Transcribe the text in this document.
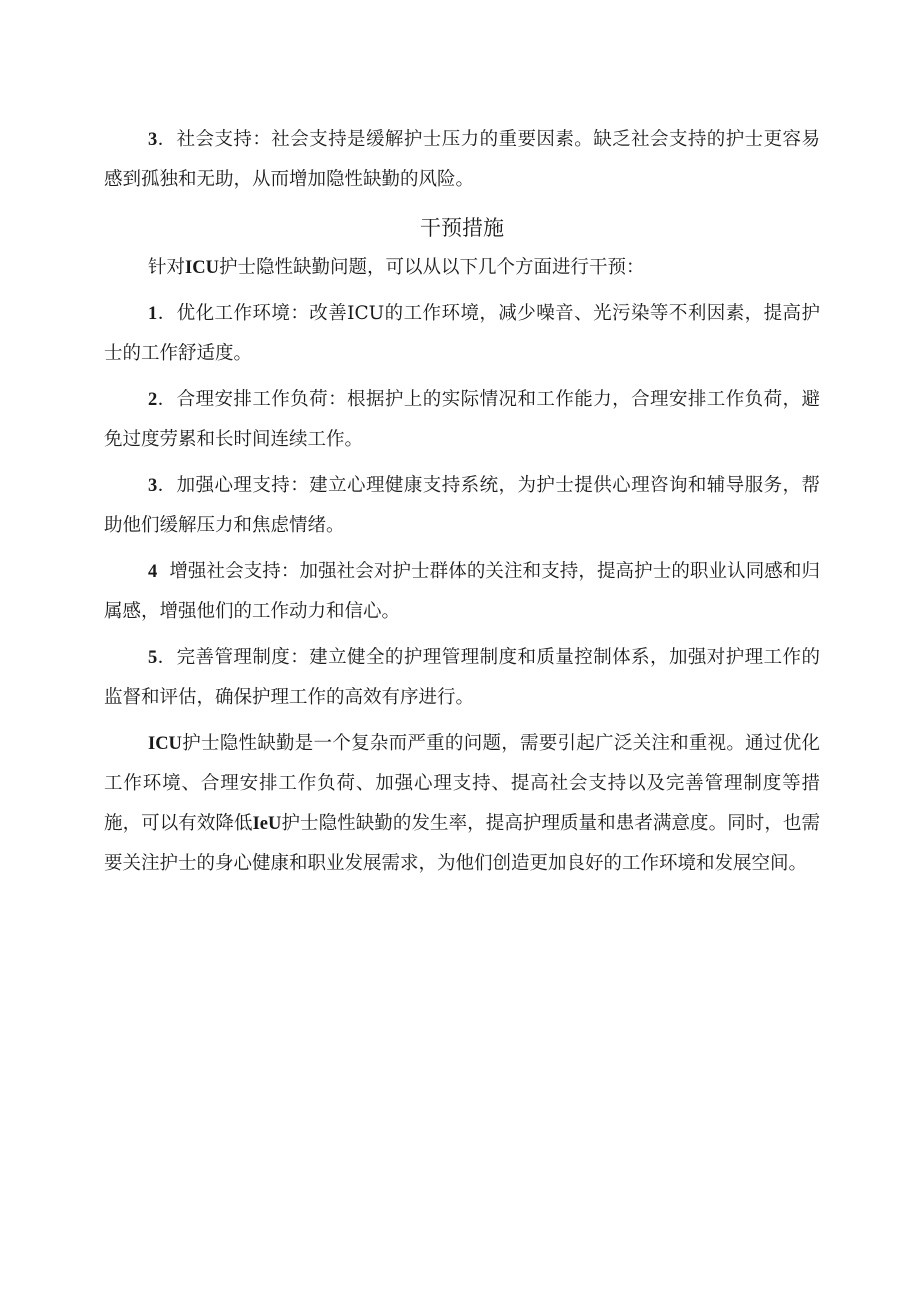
3．社会支持：社会支持是缓解护士压力的重要因素。缺乏社会支持的护士更容易感到孤独和无助，从而增加隐性缺勤的风险。

干预措施

针对ICU护士隐性缺勤问题，可以从以下几个方面进行干预：

1．优化工作环境：改善ICU的工作环境，减少噪音、光污染等不利因素，提高护士的工作舒适度。

2．合理安排工作负荷：根据护上的实际情况和工作能力，合理安排工作负荷，避免过度劳累和长时间连续工作。

3．加强心理支持：建立心理健康支持系统，为护士提供心理咨询和辅导服务，帮助他们缓解压力和焦虑情绪。

4 增强社会支持：加强社会对护士群体的关注和支持，提高护士的职业认同感和归属感，增强他们的工作动力和信心。

5．完善管理制度：建立健全的护理管理制度和质量控制体系，加强对护理工作的监督和评估，确保护理工作的高效有序进行。

ICU护士隐性缺勤是一个复杂而严重的问题，需要引起广泛关注和重视。通过优化工作环境、合理安排工作负荷、加强心理支持、提高社会支持以及完善管理制度等措施，可以有效降低IeU护士隐性缺勤的发生率，提高护理质量和患者满意度。同时，也需要关注护士的身心健康和职业发展需求，为他们创造更加良好的工作环境和发展空间。
